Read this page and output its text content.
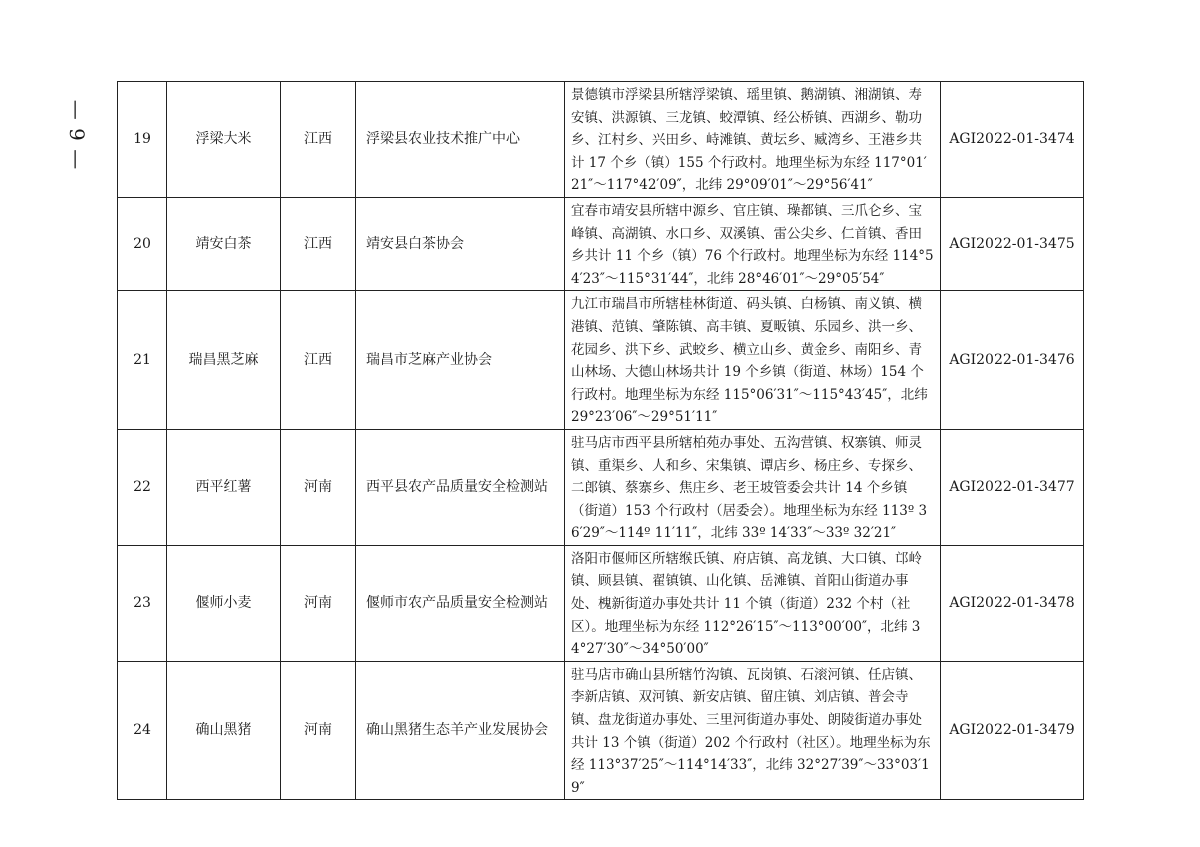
— 9 —	19	浮梁大米	江西	浮梁县农业技术推广中心	景德镇市浮梁县所辖浮梁镇、瑶里镇、鹅湖镇、湘湖镇、寿安镇、洪源镇、三龙镇、蛟潭镇、经公桥镇、西湖乡、勒功乡、江村乡、兴田乡、峙滩镇、黄坛乡、臧湾乡、王港乡共计 17 个乡（镇）155 个行政村。地理坐标为东经 117°01′21″～117°42′09″，北纬 29°09′01″～29°56′41″	AGI2022-01-3474
20	靖安白茶	江西	靖安县白茶协会	宜春市靖安县所辖中源乡、官庄镇、璪都镇、三爪仑乡、宝峰镇、高湖镇、水口乡、双溪镇、雷公尖乡、仁首镇、香田乡共计 11 个乡（镇）76 个行政村。地理坐标为东经 114°54′23″～115°31′44″，北纬 28°46′01″～29°05′54″	AGI2022-01-3475
21	瑞昌黑芝麻	江西	瑞昌市芝麻产业协会	九江市瑞昌市所辖桂林街道、码头镇、白杨镇、南义镇、横港镇、范镇、肇陈镇、高丰镇、夏畈镇、乐园乡、洪一乡、花园乡、洪下乡、武蛟乡、横立山乡、黄金乡、南阳乡、青山林场、大德山林场共计 19 个乡镇（街道、林场）154 个行政村。地理坐标为东经 115°06′31″～115°43′45″，北纬 29°23′06″～29°51′11″	AGI2022-01-3476
22	西平红薯	河南	西平县农产品质量安全检测站	驻马店市西平县所辖柏苑办事处、五沟营镇、权寨镇、师灵镇、重渠乡、人和乡、宋集镇、谭店乡、杨庄乡、专探乡、二郎镇、蔡寨乡、焦庄乡、老王坡管委会共计 14 个乡镇（街道）153 个行政村（居委会）。地理坐标为东经 113º 36′29″～114º 11′11″，北纬 33º 14′33″～33º 32′21″	AGI2022-01-3477
23	偃师小麦	河南	偃师市农产品质量安全检测站	洛阳市偃师区所辖缑氏镇、府店镇、高龙镇、大口镇、邙岭镇、顾县镇、翟镇镇、山化镇、岳滩镇、首阳山街道办事处、槐新街道办事处共计 11 个镇（街道）232 个村（社区）。地理坐标为东经 112°26′15″～113°00′00″，北纬 34°27′30″～34°50′00″	AGI2022-01-3478
24	确山黑猪	河南	确山黑猪生态羊产业发展协会	驻马店市确山县所辖竹沟镇、瓦岗镇、石滚河镇、任店镇、李新店镇、双河镇、新安店镇、留庄镇、刘店镇、普会寺镇、盘龙街道办事处、三里河街道办事处、朗陵街道办事处共计 13 个镇（街道）202 个行政村（社区）。地理坐标为东经 113°37′25″～114°14′33″，北纬 32°27′39″～33°03′19″	AGI2022-01-3479
